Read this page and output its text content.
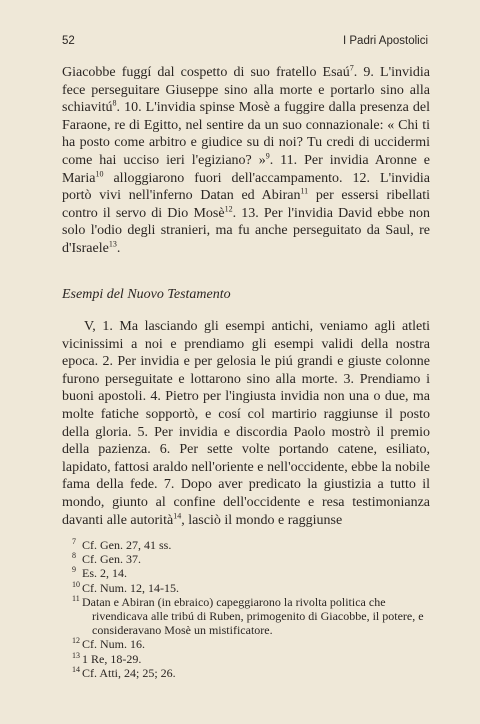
52	I Padri Apostolici

Giacobbe fuggí dal cospetto di suo fratello Esaú$^7$. 9. L'invidia fece perseguitare Giuseppe sino alla morte e portarlo sino alla schiavitú$^8$. 10. L'invidia spinse Mosè a fuggire dalla presenza del Faraone, re di Egitto, nel sentire da un suo connazionale: « Chi ti ha posto come arbitro e giudice su di noi? Tu credi di uccidermi come hai ucciso ieri l'egiziano? »$^9$. 11. Per invidia Aronne e Maria$^{10}$ alloggiarono fuori dell'accampamento. 12. L'invidia portò vivi nell'inferno Datan ed Abiran$^{11}$ per essersi ribellati contro il servo di Dio Mosè$^{12}$. 13. Per l'invidia David ebbe non solo l'odio degli stranieri, ma fu anche perseguitato da Saul, re d'Israele$^{13}$.

Esempi del Nuovo Testamento

V, 1. Ma lasciando gli esempi antichi, veniamo agli atleti vicinissimi a noi e prendiamo gli esempi validi della nostra epoca. 2. Per invidia e per gelosia le piú grandi e giuste colonne furono perseguitate e lottarono sino alla morte. 3. Prendiamo i buoni apostoli. 4. Pietro per l'ingiusta invidia non una o due, ma molte fatiche sopportò, e cosí col martirio raggiunse il posto della gloria. 5. Per invidia e discordia Paolo mostrò il premio della pazienza. 6. Per sette volte portando catene, esiliato, lapidato, fattosi araldo nell'oriente e nell'occidente, ebbe la nobile fama della fede. 7. Dopo aver predicato la giustizia a tutto il mondo, giunto al confine dell'occidente e resa testimonianza davanti alle autorità$^{14}$, lasciò il mondo e raggiunse

7 Cf. Gen. 27, 41 ss.
8 Cf. Gen. 37.
9 Es. 2, 14.
10 Cf. Num. 12, 14-15.
11 Datan e Abiran (in ebraico) capeggiarono la rivolta politica che rivendicava alle tribú di Ruben, primogenito di Giacobbe, il potere, e consideravano Mosè un mistificatore.
12 Cf. Num. 16.
13 1 Re, 18-29.
14 Cf. Atti, 24; 25; 26.
